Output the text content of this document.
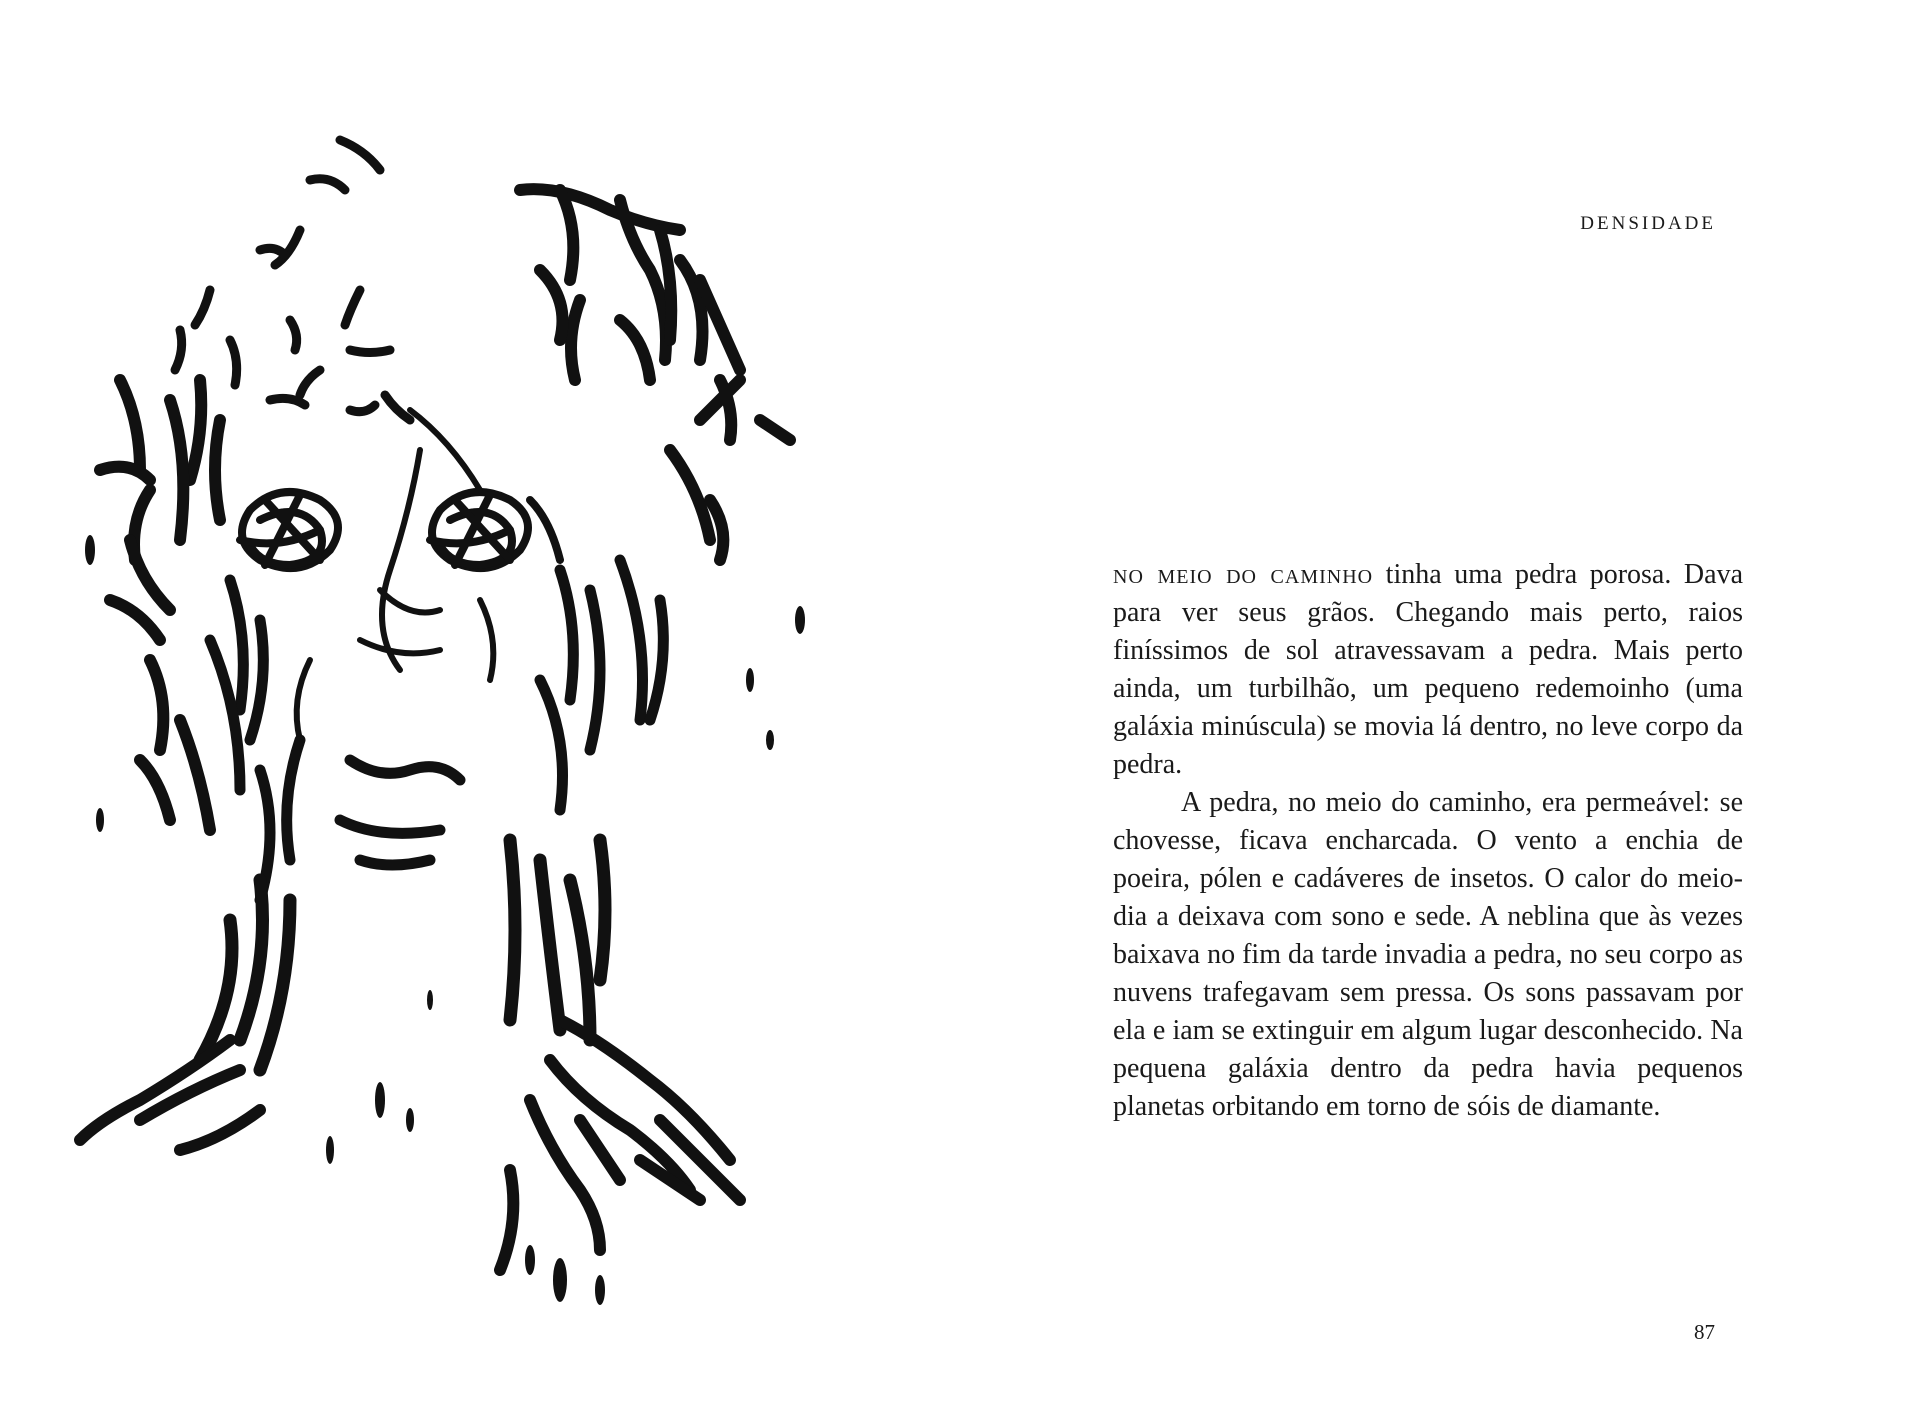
DENSIDADE

no meio do caminho tinha uma pedra porosa. Dava para ver seus grãos. Chegando mais perto, raios finíssimos de sol atravessavam a pedra. Mais perto ainda, um turbilhão, um pequeno redemoinho (uma galáxia minúscula) se movia lá dentro, no leve corpo da pedra.

A pedra, no meio do caminho, era permeável: se chovesse, ficava encharcada. O vento a enchia de poeira, pólen e cadáveres de insetos. O calor do meio-dia a deixava com sono e sede. A neblina que às vezes baixava no fim da tarde invadia a pedra, no seu corpo as nuvens trafegavam sem pressa. Os sons passavam por ela e iam se extinguir em algum lugar desconhecido. Na pequena galáxia dentro da pedra havia pequenos planetas orbitando em torno de sóis de diamante.

87
